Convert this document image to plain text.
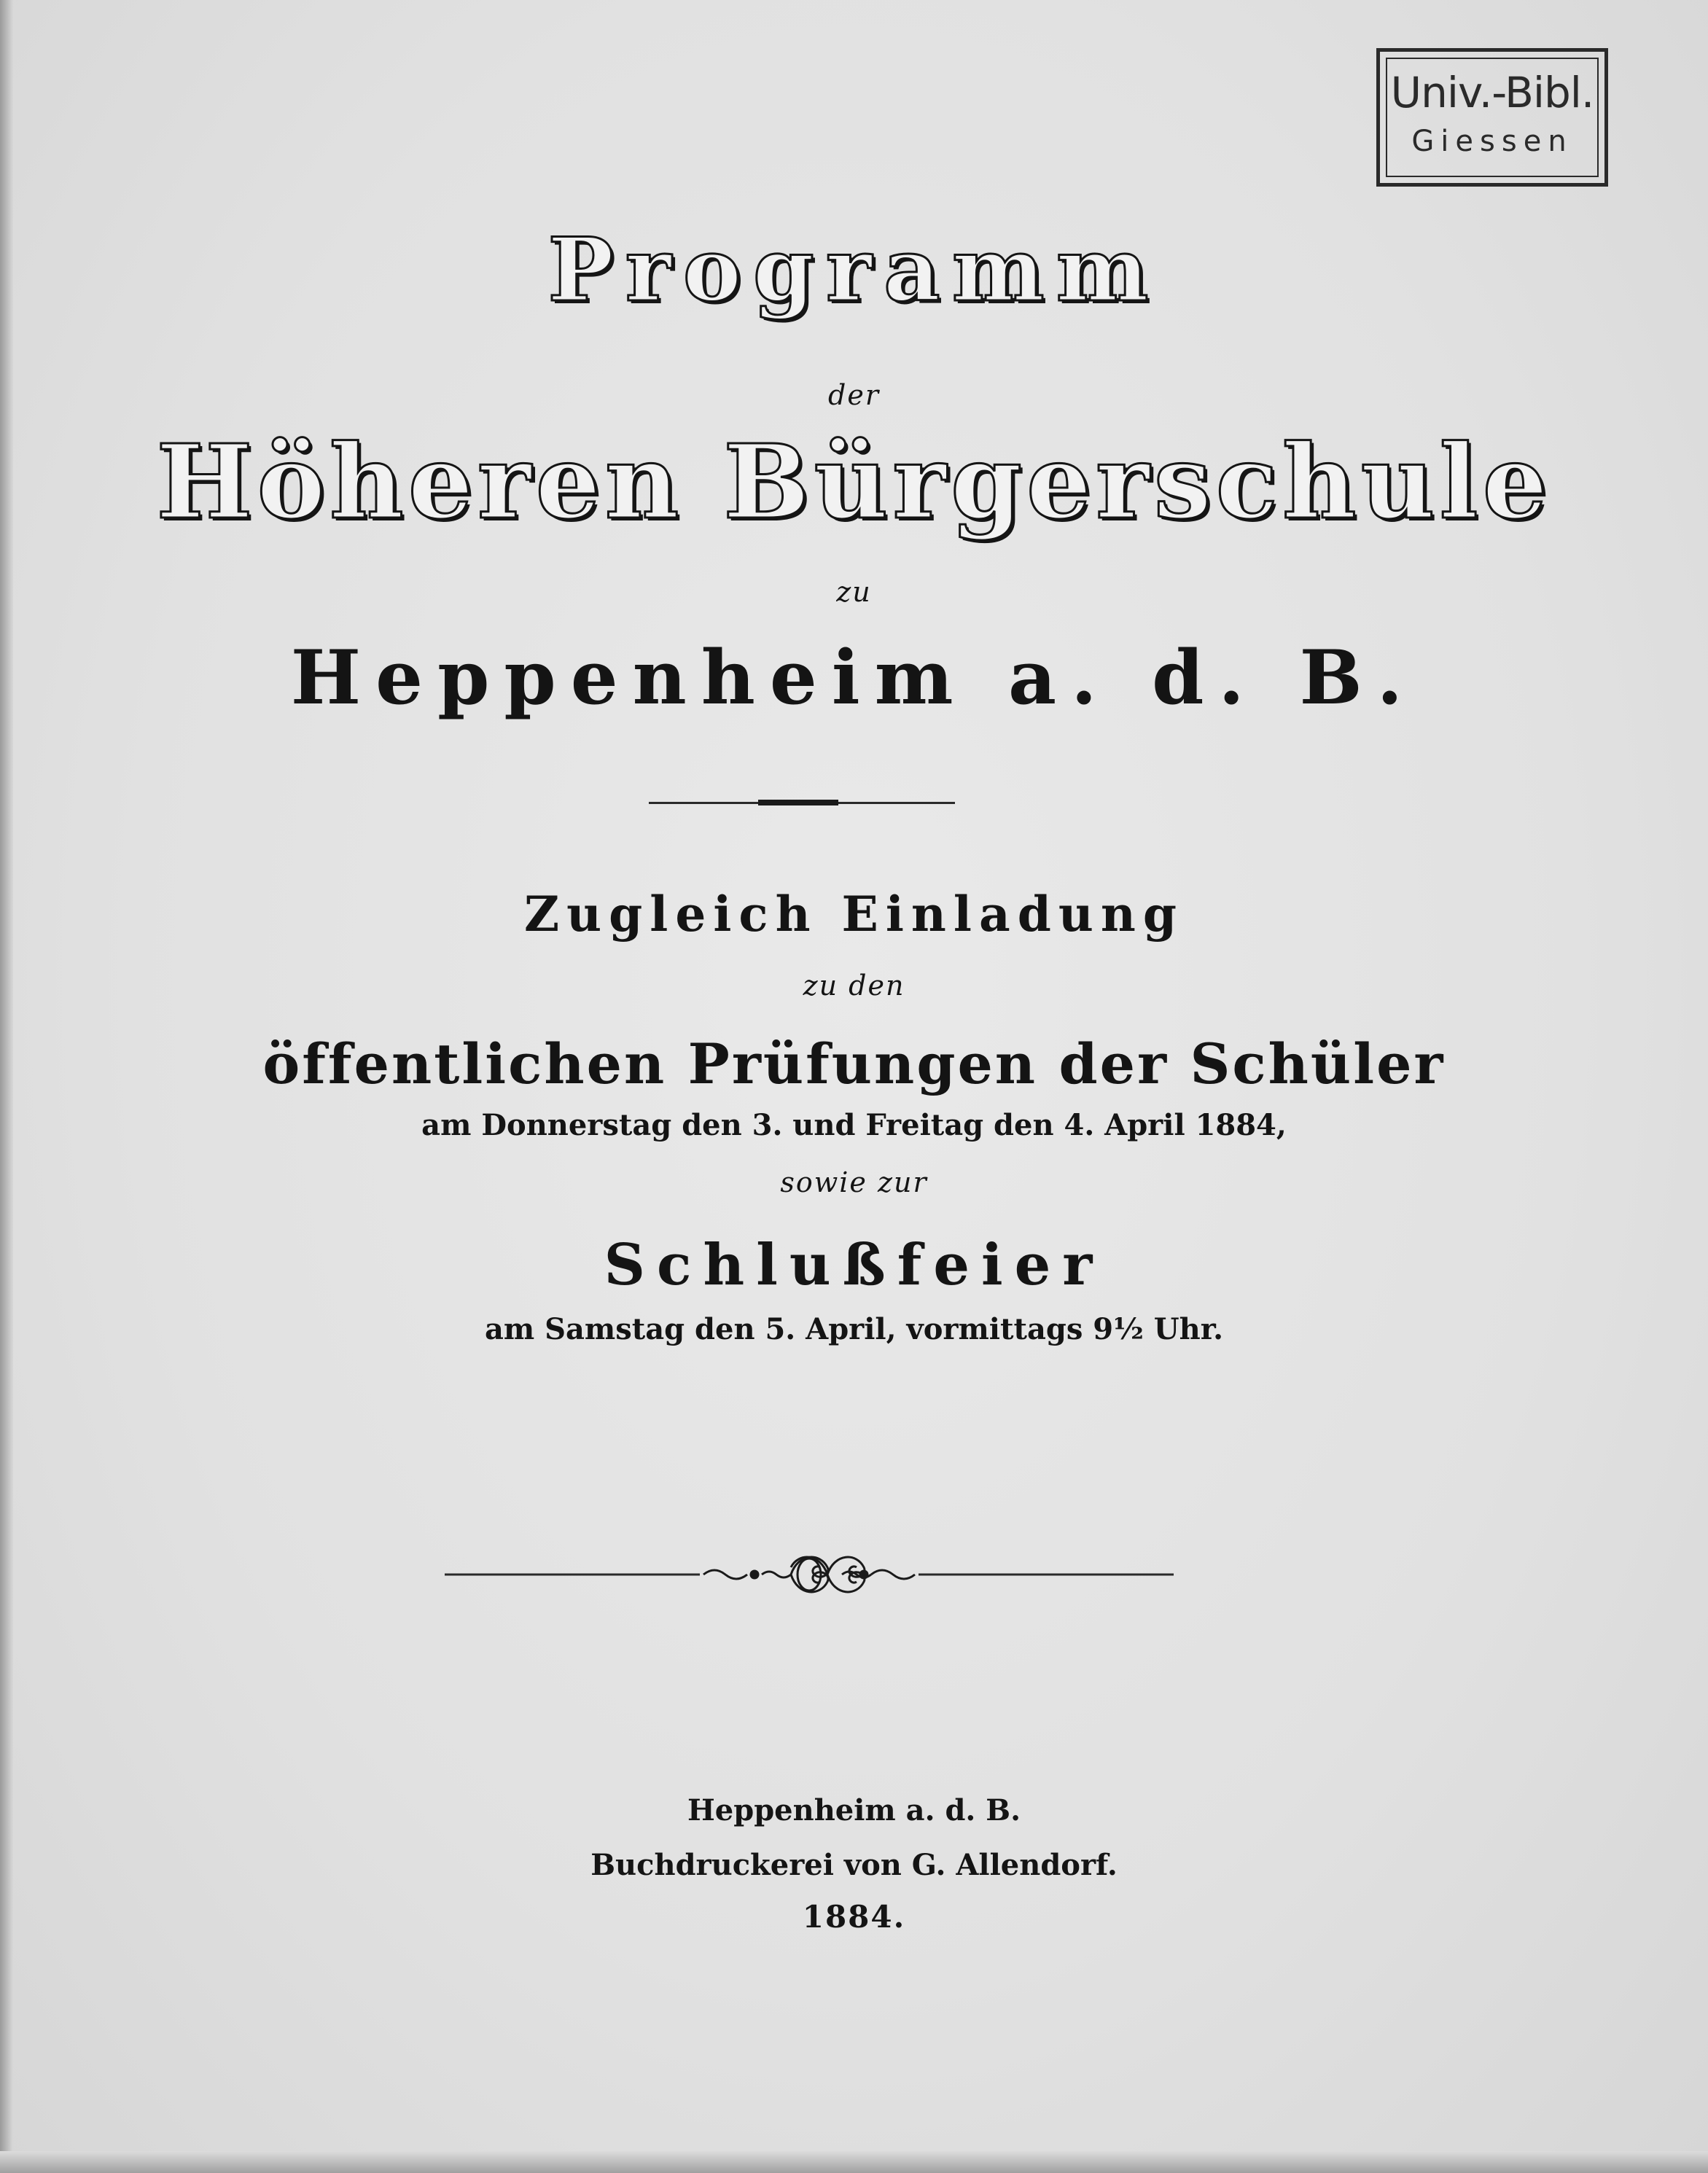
Univ.-Bibl.
Giessen
Programm
der
Höheren Bürgerschule
zu
Heppenheim a. d. B.
Zugleich Einladung
zu den
öffentlichen Prüfungen der Schüler
am Donnerstag den 3. und Freitag den 4. April 1884,
sowie zur
Schlußfeier
am Samstag den 5. April, vormittags 9½ Uhr.
Heppenheim a. d. B.
Buchdruckerei von G. Allendorf.
1884.
